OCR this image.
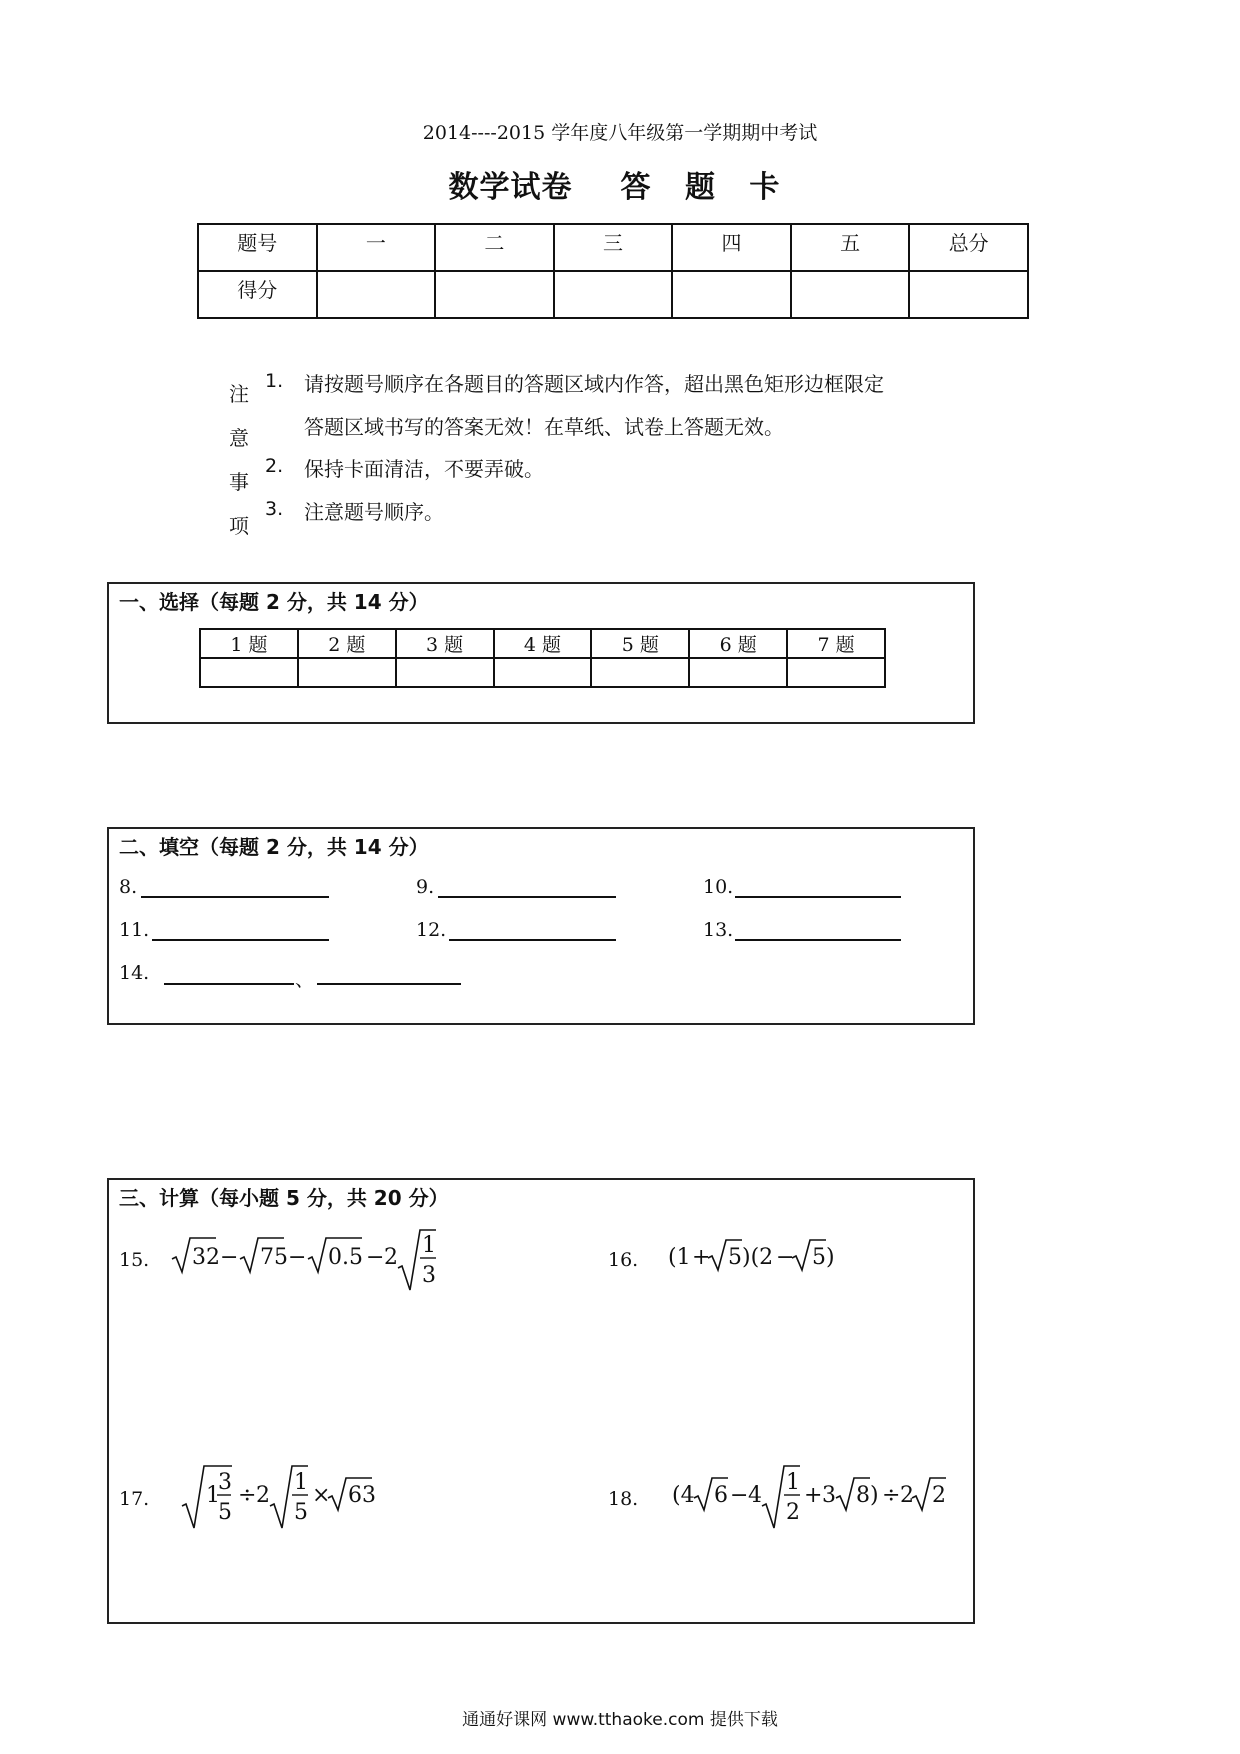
2014----2015 学年度八年级第一学期期中考试
数学试卷 答 题 卡
题号	一	二	三	四	五	总分
得分						
注
意
事
项
1. 请按题号顺序在各题目的答题区域内作答，超出黑色矩形边框限定
答题区域书写的答案无效！在草纸、试卷上答题无效。
2. 保持卡面清洁，不要弄破。
3. 注意题号顺序。
一、选择（每题 2 分，共 14 分）
1 题	2 题	3 题	4 题	5 题	6 题	7 题

二、填空（每题 2 分，共 14 分）
8.	9.	10.
11.	12.	13.
14.	、
三、计算（每小题 5 分，共 20 分）
15. 32 − 75 − 0.5 − 2 1
3
16. (1 + 5 )(2 − 5 )
17.	1
3
5
÷ 2
1
5
× 63	18. (4 6 − 4
1
2
+ 3 8 ) ÷ 2 2
通通好课网 www.tthaoke.com 提供下载
